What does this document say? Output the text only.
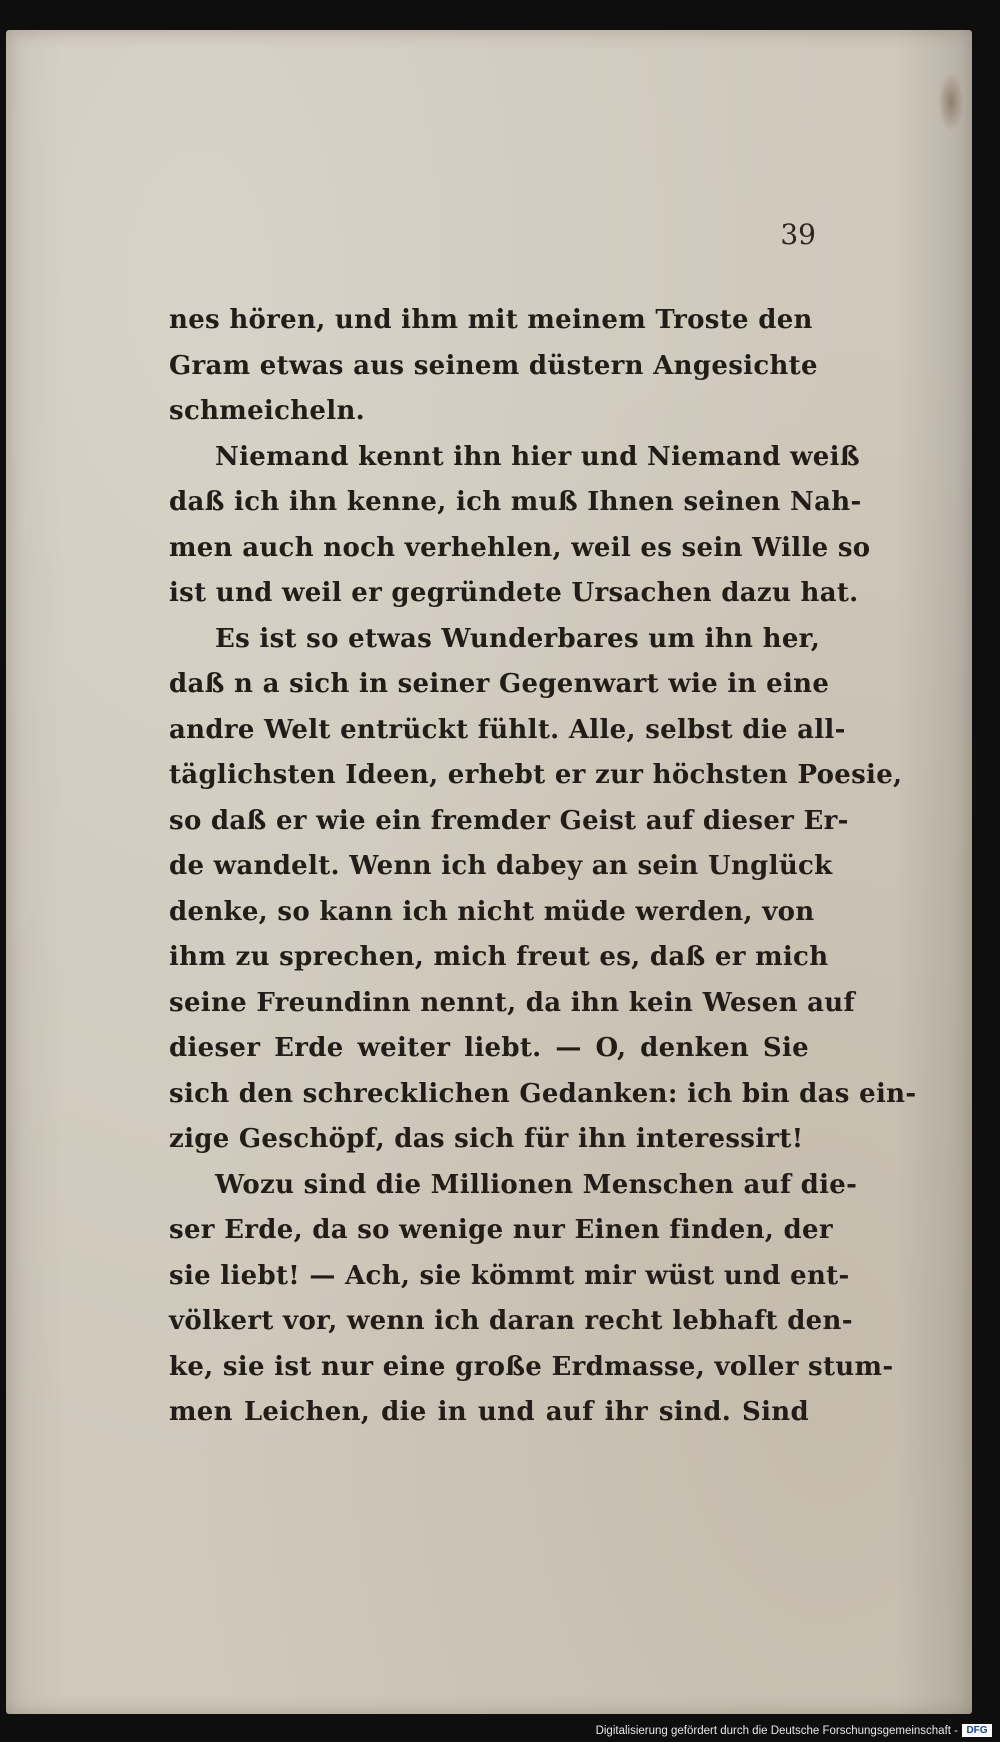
39
nes hören, und ihm mit meinem Troste den
Gram etwas aus seinem düstern Angesichte
schmeicheln.
Niemand kennt ihn hier und Niemand weiß
daß ich ihn kenne, ich muß Ihnen seinen Nah-
men auch noch verhehlen, weil es sein Wille so
ist und weil er gegründete Ursachen dazu hat.
Es ist so etwas Wunderbares um ihn her,
daß n a sich in seiner Gegenwart wie in eine
andre Welt entrückt fühlt. Alle, selbst die all-
täglichsten Ideen, erhebt er zur höchsten Poesie,
so daß er wie ein fremder Geist auf dieser Er-
de wandelt. Wenn ich dabey an sein Unglück
denke, so kann ich nicht müde werden, von
ihm zu sprechen, mich freut es, daß er mich
seine Freundinn nennt, da ihn kein Wesen auf
dieser Erde weiter liebt. — O, denken Sie
sich den schrecklichen Gedanken: ich bin das ein-
zige Geschöpf, das sich für ihn interessirt!
Wozu sind die Millionen Menschen auf die-
ser Erde, da so wenige nur Einen finden, der
sie liebt! — Ach, sie kömmt mir wüst und ent-
völkert vor, wenn ich daran recht lebhaft den-
ke, sie ist nur eine große Erdmasse, voller stum-
men Leichen, die in und auf ihr sind. Sind
Digitalisierung gefördert durch die Deutsche Forschungsgemeinschaft - DFG
